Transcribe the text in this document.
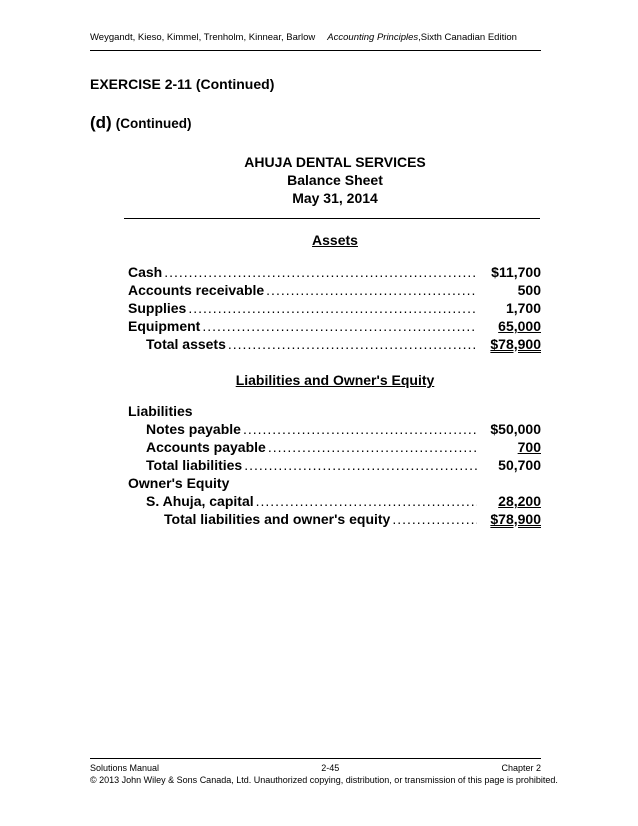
Weygandt, Kieso, Kimmel, Trenholm, Kinnear, Barlow Accounting Principles,Sixth Canadian Edition
EXERCISE 2-11 (Continued)
(d) (Continued)
AHUJA DENTAL SERVICES
Balance Sheet
May 31, 2014
Assets
Cash .....	$11,700
Accounts receivable .....	500
Supplies .....	1,700
Equipment .....	65,000
Total assets .....	$78,900
Liabilities and Owner's Equity
Liabilities
Notes payable .....	$50,000
Accounts payable .....	700
Total liabilities .....	50,700
Owner's Equity
S. Ahuja, capital .....	28,200
Total liabilities and owner's equity .....	$78,900
Solutions Manual	2-45	Chapter 2
© 2013 John Wiley & Sons Canada, Ltd. Unauthorized copying, distribution, or transmission of this page is prohibited.
